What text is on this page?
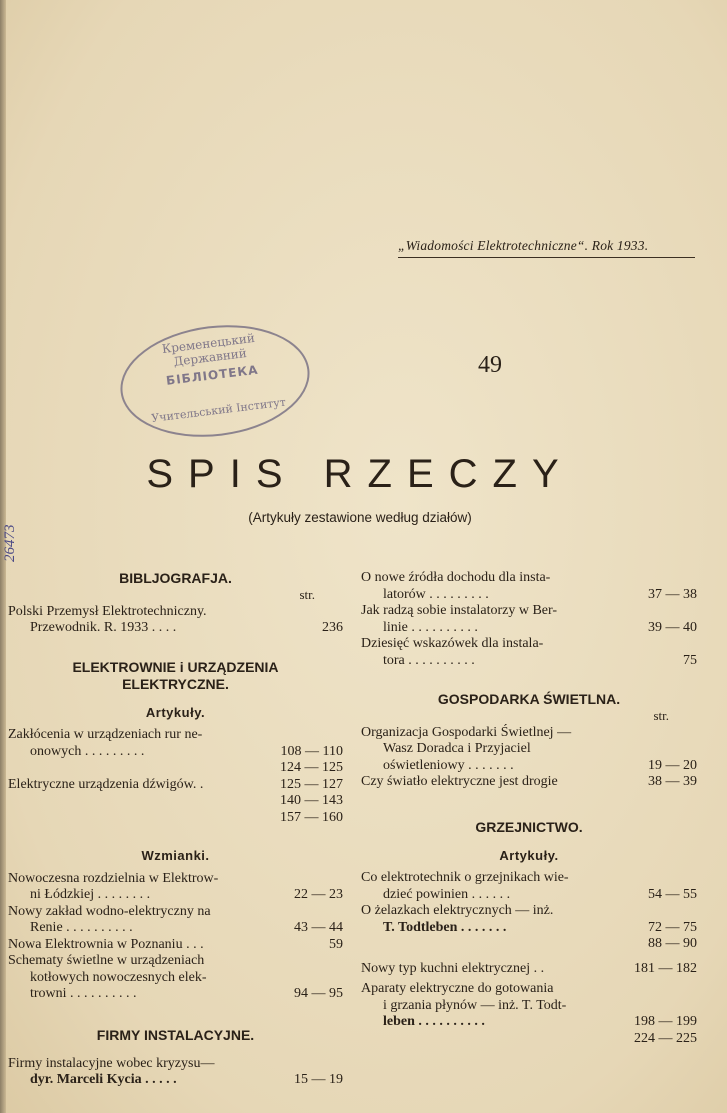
„Wiadomości Elektrotechniczne“. Rok 1933.
Кременецький Державний
БІБЛІОТЕКА
Учительський Інститут
49
26473
SPIS RZECZY
(Artykuły zestawione według działów)
BIBLJOGRAFJA.
str.
Polski Przemysł Elektrotechniczny.
Przewodnik. R. 1933 . . . .	236
ELEKTROWNIE i URZĄDZENIA
ELEKTRYCZNE.
Artykuły.
Zakłócenia w urządzeniach rur ne-
onowych . . . . . . . . .	108 — 110
124 — 125
Elektryczne urządzenia dźwigów. .	125 — 127
140 — 143
157 — 160
Wzmianki.
Nowoczesna rozdzielnia w Elektrow-
ni Łódzkiej . . . . . . . .	22 — 23
Nowy zakład wodno-elektryczny na
Renie . . . . . . . . . .	43 — 44
Nowa Elektrownia w Poznaniu . . .	59
Schematy świetlne w urządzeniach
kotłowych nowoczesnych elek-
trowni . . . . . . . . . .	94 — 95
FIRMY INSTALACYJNE.
Firmy instalacyjne wobec kryzysu—
dyr. Marceli Kycia . . . . .	15 — 19
O nowe źródła dochodu dla insta-
latorów . . . . . . . . .	37 — 38
Jak radzą sobie instalatorzy w Ber-
linie . . . . . . . . . .	39 — 40
Dziesięć wskazówek dla instala-
tora . . . . . . . . . .	75
GOSPODARKA ŚWIETLNA.
str.
Organizacja Gospodarki Świetlnej —
Wasz Doradca i Przyjaciel
oświetleniowy . . . . . . .	19 — 20
Czy światło elektryczne jest drogie	38 — 39
GRZEJNICTWO.
Artykuły.
Co elektrotechnik o grzejnikach wie-
dzieć powinien . . . . . .	54 — 55
O żelazkach elektrycznych — inż.
T. Todtleben . . . . . . .	72 — 75
88 — 90
Nowy typ kuchni elektrycznej . .	181 — 182
Aparaty elektryczne do gotowania
i grzania płynów — inż. T. Todt-
leben . . . . . . . . . .	198 — 199
224 — 225
